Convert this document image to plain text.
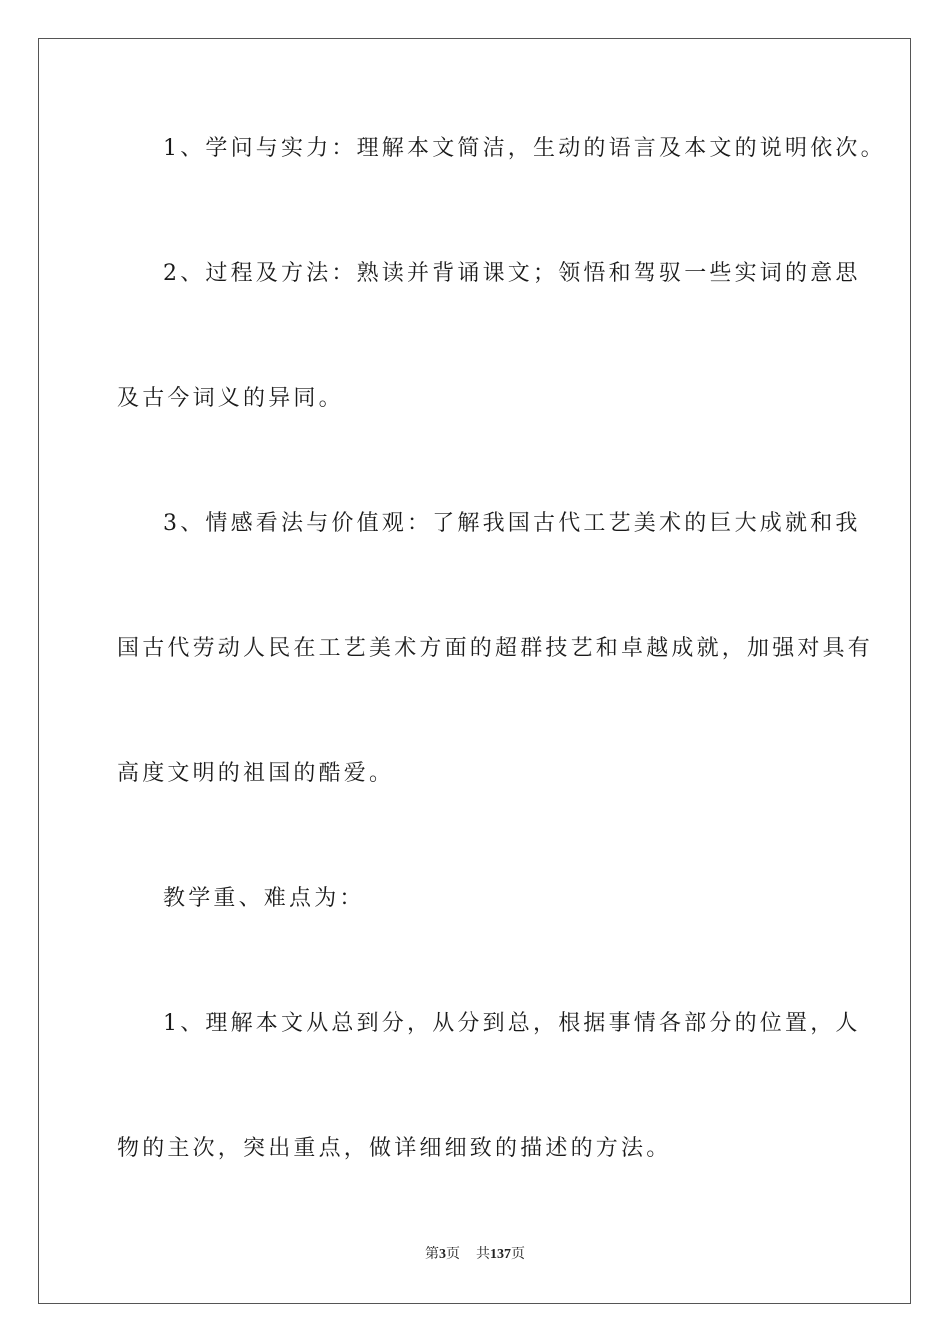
1、学问与实力：理解本文简洁，生动的语言及本文的说明依次。
2、过程及方法：熟读并背诵课文；领悟和驾驭一些实词的意思
及古今词义的异同。
3、情感看法与价值观：了解我国古代工艺美术的巨大成就和我
国古代劳动人民在工艺美术方面的超群技艺和卓越成就，加强对具有
高度文明的祖国的酷爱。
教学重、难点为：
1、理解本文从总到分，从分到总，根据事情各部分的位置，人
物的主次，突出重点，做详细细致的描述的方法。
第3页 共137页
